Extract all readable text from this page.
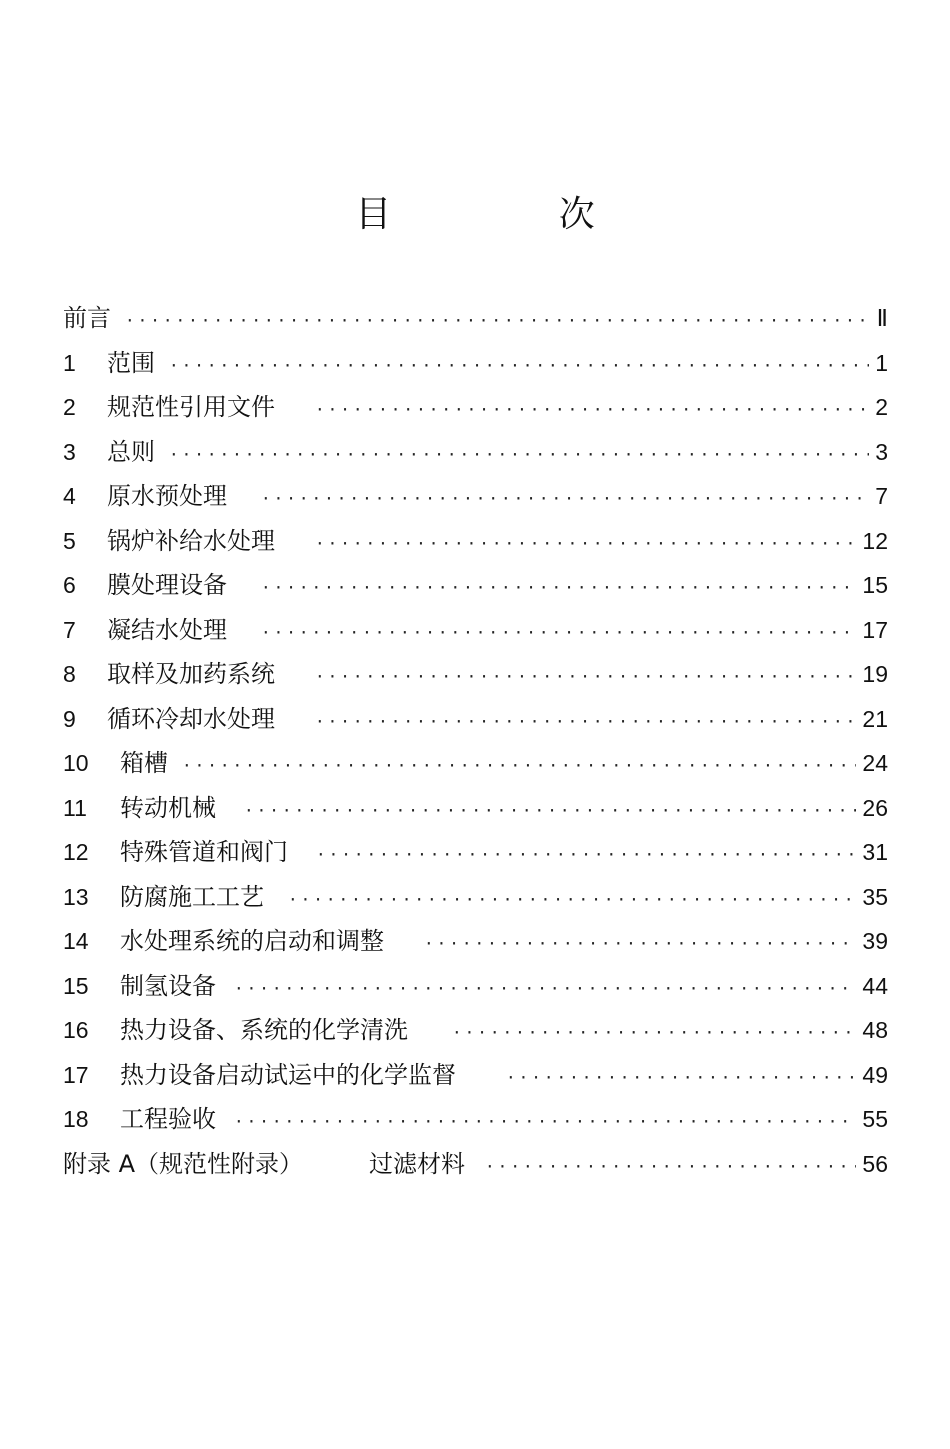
目 次
前言 ·····	Ⅱ
1	范围 ·····	1
2	规范性引用文件 ·····	2
3	总则 ·····	3
4	原水预处理 ·····	7
5	锅炉补给水处理 ·····	12
6	膜处理设备 ·····	15
7	凝结水处理 ·····	17
8	取样及加药系统 ·····	19
9	循环冷却水处理 ·····	21
10	箱槽 ·····	24
11	转动机械 ·····	26
12	特殊管道和阀门 ·····	31
13	防腐施工工艺 ·····	35
14	水处理系统的启动和调整 ·····	39
15	制氢设备 ·····	44
16	热力设备、系统的化学清洗 ·····	48
17	热力设备启动试运中的化学监督 ·····	49
18	工程验收 ·····	55
附录 A（规范性附录）	过滤材料 ·····	56
